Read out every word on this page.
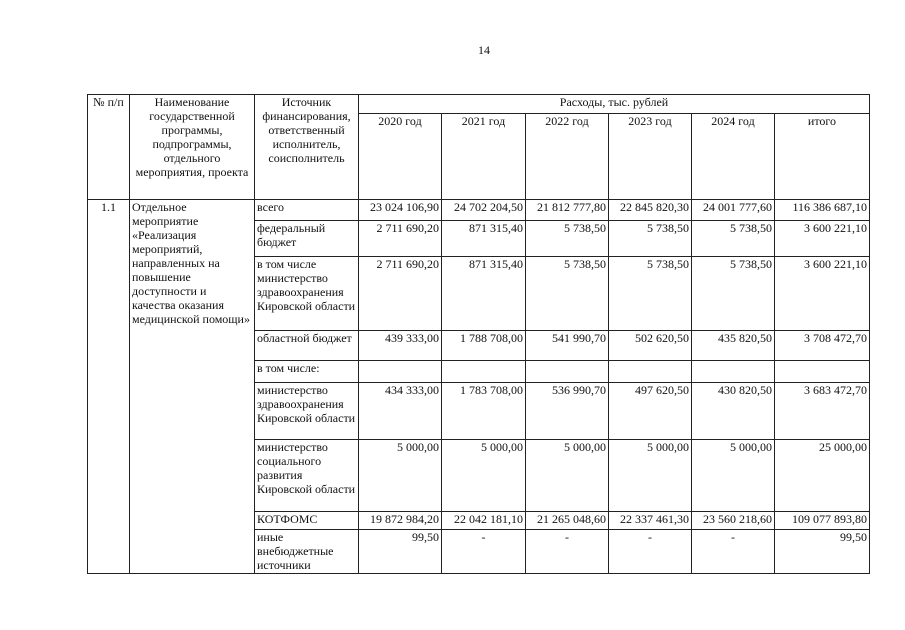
14
№ п/п	Наименование государственной программы, подпрограммы, отдельного мероприятия, проекта	Источник финансирования, ответственный исполнитель, соисполнитель	Расходы, тыс. рублей					
			2020 год	2021 год	2022 год	2023 год	2024 год	итого
1.1	Отдельное мероприятие «Реализация мероприятий, направленных на повышение доступности и качества оказания медицинской помощи»	всего	23 024 106,90	24 702 204,50	21 812 777,80	22 845 820,30	24 001 777,60	116 386 687,10
		федеральный бюджет	2 711 690,20	871 315,40	5 738,50	5 738,50	5 738,50	3 600 221,10
		в том числе министерство здравоохранения Кировской области	2 711 690,20	871 315,40	5 738,50	5 738,50	5 738,50	3 600 221,10
		областной бюджет	439 333,00	1 788 708,00	541 990,70	502 620,50	435 820,50	3 708 472,70
		в том числе:						
		министерство здравоохранения Кировской области	434 333,00	1 783 708,00	536 990,70	497 620,50	430 820,50	3 683 472,70
		министерство социального развития Кировской области	5 000,00	5 000,00	5 000,00	5 000,00	5 000,00	25 000,00
		КОТФОМС	19 872 984,20	22 042 181,10	21 265 048,60	22 337 461,30	23 560 218,60	109 077 893,80
		иные внебюджетные источники	99,50	-	-	-	-	99,50
